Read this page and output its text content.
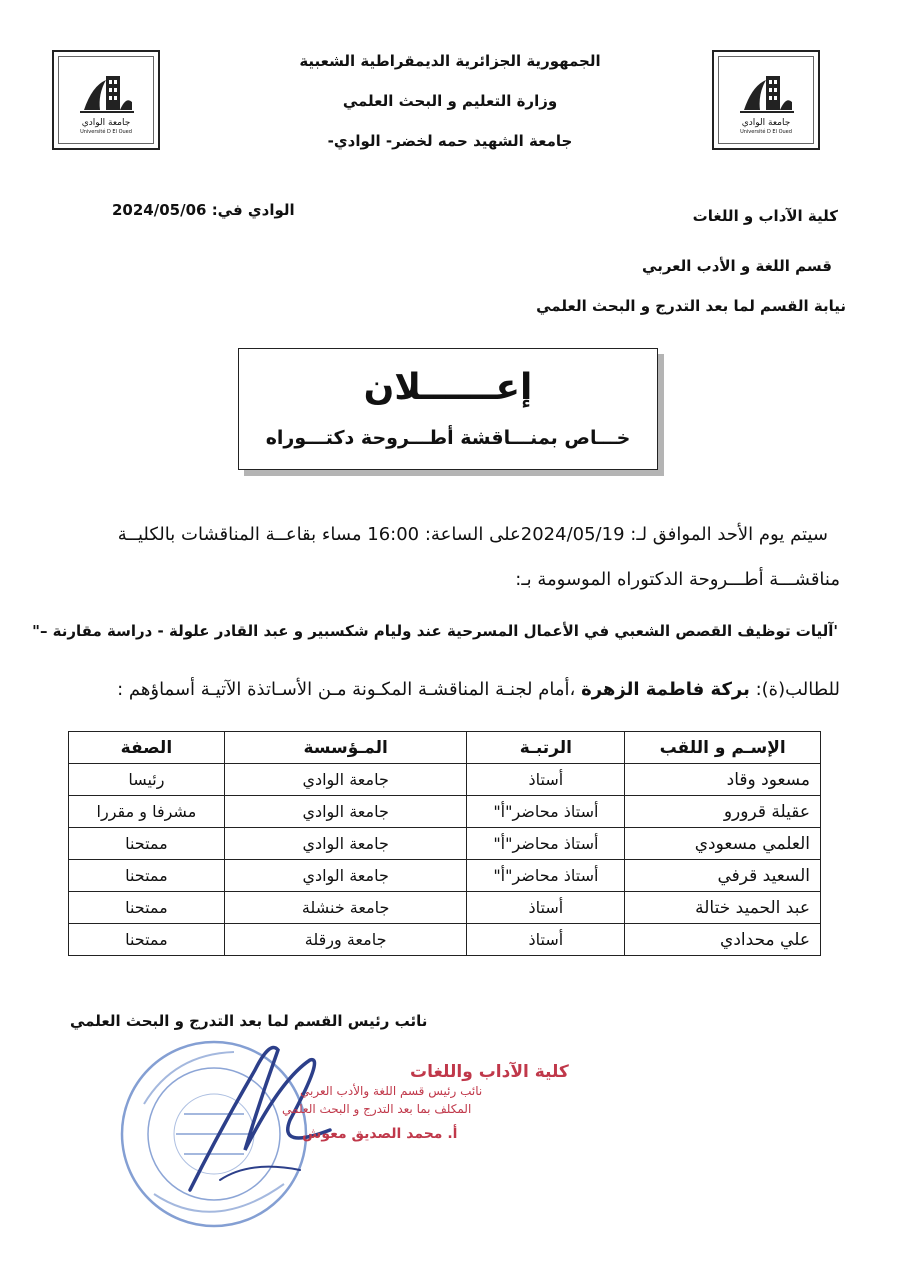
جامعة الوادي
Université D El Oued
جامعة الوادي
Université D El Oued
الجمهورية الجزائرية الديمقراطية الشعبية
وزارة التعليم و البحث العلمي
جامعة الشهيد حمه لخضر- الوادي-
كلية الآداب و اللغات
قسم اللغة و الأدب العربي
نيابة القسم لما بعد التدرج و البحث العلمي
الوادي في: 2024/05/06
إعــــــلان
خـــاص بمنـــاقشة أطـــروحة دكتـــوراه
سيتم يوم الأحد الموافق لـ: 2024/05/19على الساعة: 16:00 مساء بقاعــة المناقشات بالكليــة
مناقشـــة أطـــروحة الدكتوراه الموسومة بـ:
'آليات توظيف القصص الشعبي في الأعمال المسرحية عند وليام شكسبير و عبد القادر علولة - دراسة مقارنة –"
للطالب(ة): بركة فاطمة الزهرة ،أمام لجنـة المناقشـة المكـونة مـن الأسـاتذة الآتيـة أسماؤهم :
الإسـم و اللقب	الرتبـة	المـؤسسة	الصفة
مسعود وقاد	أستاذ	جامعة الوادي	رئيسا
عقيلة قرورو	أستاذ محاضر"أ"	جامعة الوادي	مشرفا و مقررا
العلمي مسعودي	أستاذ محاضر"أ"	جامعة الوادي	ممتحنا
السعيد قرفي	أستاذ محاضر"أ"	جامعة الوادي	ممتحنا
عبد الحميد ختالة	أستاذ	جامعة خنشلة	ممتحنا
علي محدادي	أستاذ	جامعة ورقلة	ممتحنا
نائب رئيس القسم لما بعد التدرج و البحث العلمي
كلية الآداب واللغات
نائب رئيس قسم اللغة والأدب العربي
المكلف بما بعد التدرج و البحث العلمي
أ. محمد الصديق معوش
